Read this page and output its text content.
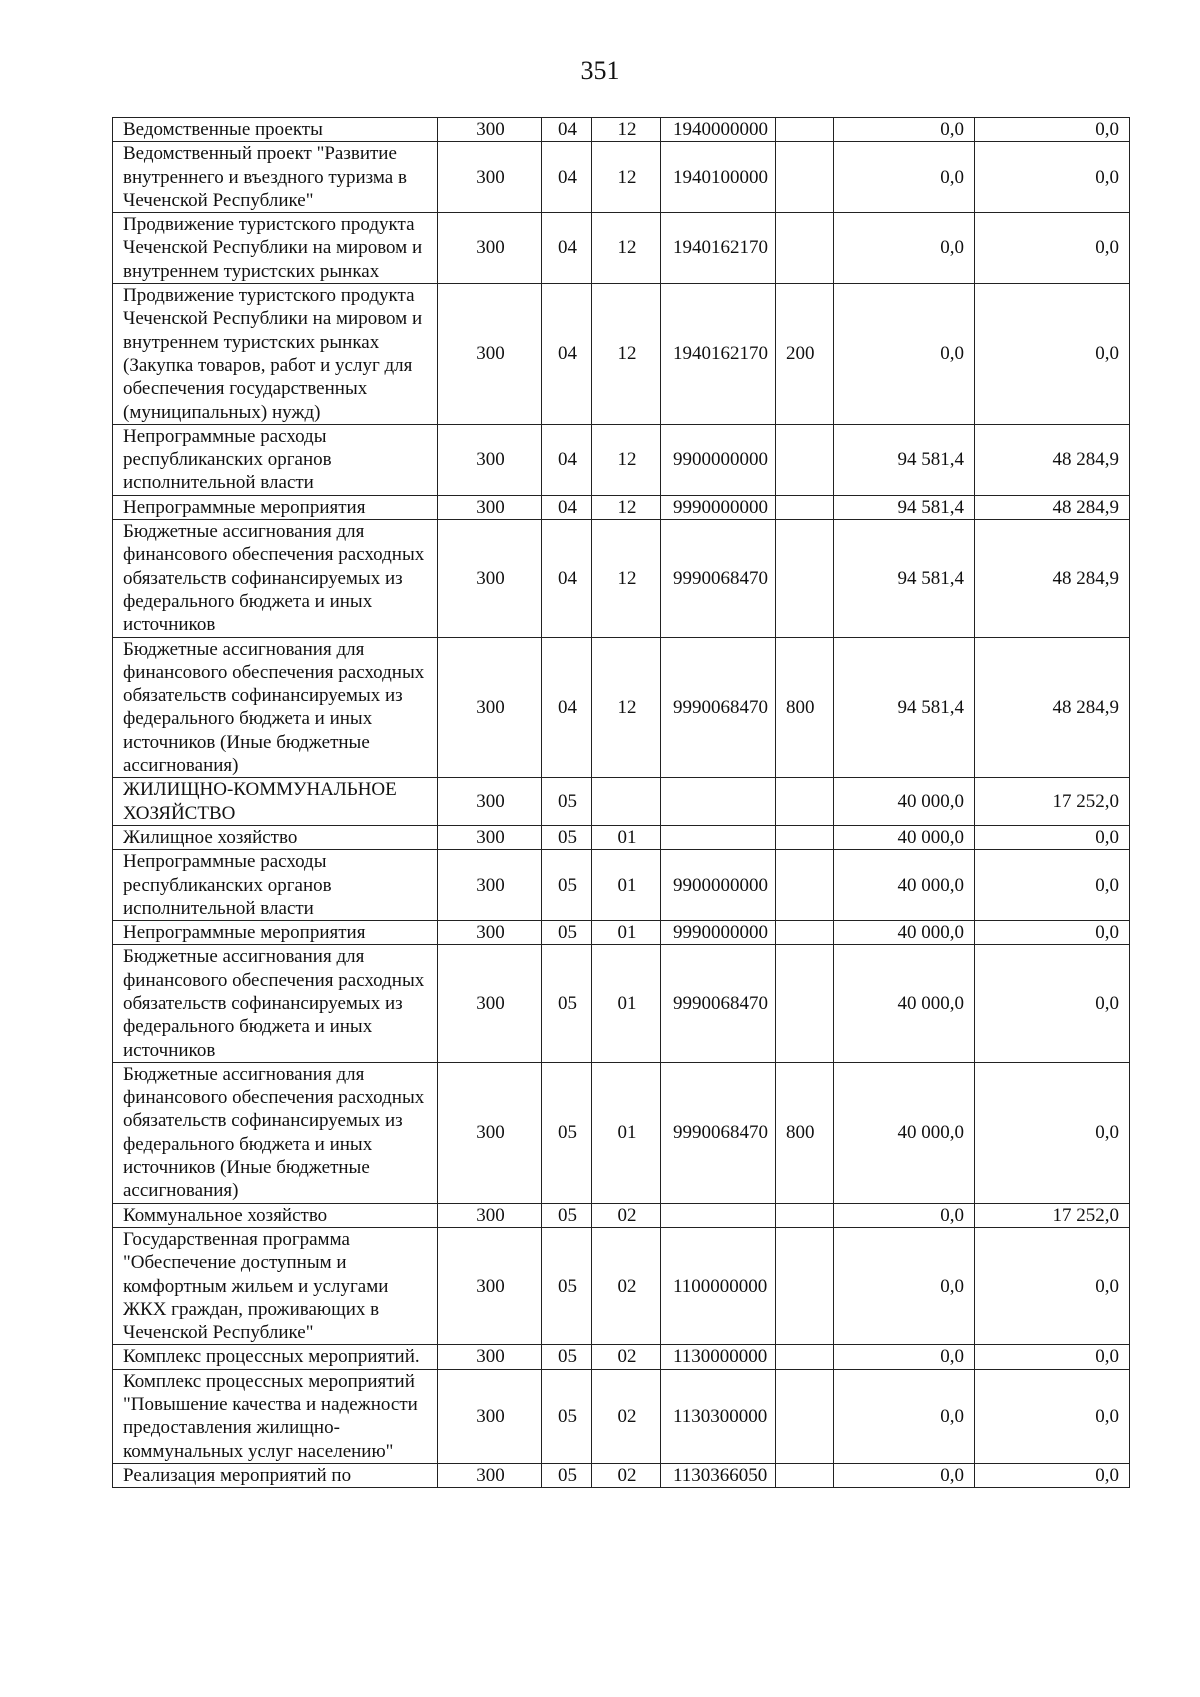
351
Ведомственные проекты	300	04	12	1940000000		0,0	0,0
Ведомственный проект "Развитие внутреннего и въездного туризма в Чеченской Республике"	300	04	12	1940100000		0,0	0,0
Продвижение туристского продукта Чеченской Республики на мировом и внутреннем туристских рынках	300	04	12	1940162170		0,0	0,0
Продвижение туристского продукта Чеченской Республики на мировом и внутреннем туристских рынках (Закупка товаров, работ и услуг для обеспечения государственных (муниципальных) нужд)	300	04	12	1940162170	200	0,0	0,0
Непрограммные расходы республиканских органов исполнительной власти	300	04	12	9900000000		94 581,4	48 284,9
Непрограммные мероприятия	300	04	12	9990000000		94 581,4	48 284,9
Бюджетные ассигнования для финансового обеспечения расходных обязательств софинансируемых из федерального бюджета и иных источников	300	04	12	9990068470		94 581,4	48 284,9
Бюджетные ассигнования для финансового обеспечения расходных обязательств софинансируемых из федерального бюджета и иных источников (Иные бюджетные ассигнования)	300	04	12	9990068470	800	94 581,4	48 284,9
ЖИЛИЩНО-КОММУНАЛЬНОЕ ХОЗЯЙСТВО	300	05				40 000,0	17 252,0
Жилищное хозяйство	300	05	01			40 000,0	0,0
Непрограммные расходы республиканских органов исполнительной власти	300	05	01	9900000000		40 000,0	0,0
Непрограммные мероприятия	300	05	01	9990000000		40 000,0	0,0
Бюджетные ассигнования для финансового обеспечения расходных обязательств софинансируемых из федерального бюджета и иных источников	300	05	01	9990068470		40 000,0	0,0
Бюджетные ассигнования для финансового обеспечения расходных обязательств софинансируемых из федерального бюджета и иных источников (Иные бюджетные ассигнования)	300	05	01	9990068470	800	40 000,0	0,0
Коммунальное хозяйство	300	05	02			0,0	17 252,0
Государственная программа "Обеспечение доступным и комфортным жильем и услугами ЖКХ граждан, проживающих в Чеченской Республике"	300	05	02	1100000000		0,0	0,0
Комплекс процессных мероприятий.	300	05	02	1130000000		0,0	0,0
Комплекс процессных мероприятий "Повышение качества и надежности предоставления жилищно-коммунальных услуг населению"	300	05	02	1130300000		0,0	0,0
Реализация мероприятий по	300	05	02	1130366050		0,0	0,0
